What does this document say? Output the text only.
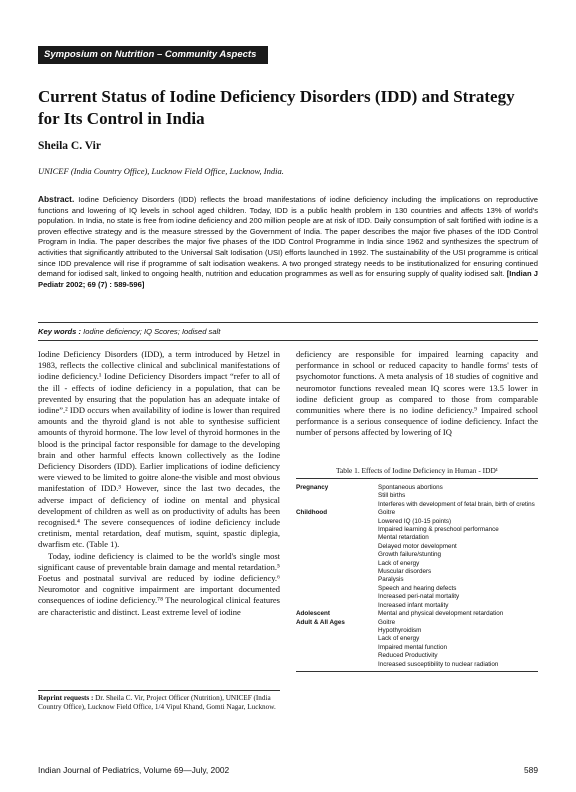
Symposium on Nutrition – Community Aspects
Current Status of Iodine Deficiency Disorders (IDD) and Strategy for Its Control in India
Sheila C. Vir
UNICEF (India Country Office), Lucknow Field Office, Lucknow, India.
Abstract. Iodine Deficiency Disorders (IDD) reflects the broad manifestations of iodine deficiency including the implications on reproductive functions and lowering of IQ levels in school aged children. Today, IDD is a public health problem in 130 countries and affects 13% of world's population. In India, no state is free from iodine deficiency and 200 million people are at risk of IDD. Daily consumption of salt fortified with iodine is a proven effective strategy and is the measure stressed by the Government of India. The paper describes the major five phases of the IDD Control Program in India. The paper describes the major five phases of the IDD Control Programme in India since 1962 and synthesizes the spectrum of activities that significantly attributed to the Universal Salt Iodisation (USI) efforts launched in 1992. The sustainability of the USI programme is critical since IDD prevalence will rise if programme of salt iodisation weakens. A two pronged strategy needs to be institutionalized for ensuring continued demand for iodised salt, linked to ongoing health, nutrition and education programmes as well as for ensuring supply of quality iodised salt. [Indian J Pediatr 2002; 69 (7) : 589-596]
Key words : Iodine deficiency; IQ Scores; Iodised salt

Iodine Deficiency Disorders (IDD), a term introduced by Hetzel in 1983, reflects the collective clinical and subclinical manifestations of iodine deficiency.¹ Iodine Deficiency Disorders impact “refer to all of the ill - effects of iodine deficiency in a population, that can be prevented by ensuring that the population has an adequate intake of iodine”.² IDD occurs when availability of iodine is lower than required amounts and the thyroid gland is not able to synthesise sufficient amounts of thyroid hormone. The low level of thyroid hormones in the blood is the principal factor responsible for damage to the developing brain and other harmful effects known collectively as the Iodine Deficiency Disorders (IDD). Earlier implications of iodine deficiency were viewed to be limited to goitre alone-the visible and most obvious manifestation of IDD.³ However, since the last two decades, the adverse impact of deficiency of iodine on mental and physical development of children as well as on productivity of adults has been recognised.⁴ The severe consequences of iodine deficiency include cretinism, mental retardation, deaf mutism, squint, spastic diplegia, dwarfism etc. (Table 1).

Today, iodine deficiency is claimed to be the world's single most significant cause of preventable brain damage and mental retardation.⁵ Foetus and postnatal survival are reduced by iodine deficiency.⁶ Neuromotor and cognitive impairment are important documented consequences of iodine deficiency.⁷⁸ The neurological clinical features are characteristic and distinct. Least extreme level of iodine

Reprint requests : Dr. Sheila C. Vir, Project Officer (Nutrition), UNICEF (India Country Office), Lucknow Field Office, 1/4 Vipul Khand, Gomti Nagar, Lucknow.

deficiency are responsible for impaired learning capacity and performance in school or reduced capacity to handle forms' tests of psychomotor functions. A meta analysis of 18 studies of cognitive and neuromotor functions revealed mean IQ scores were 13.5 lower in iodine deficient group as compared to those from comparable communities where there is no iodine deficiency.⁹ Impaired school performance is a serious consequence of iodine deficiency. Infact the number of persons affected by lowering of IQ

Table 1. Effects of Iodine Deficiency in Human - IDD¹
Pregnancy	Spontaneous abortions
Still births
Interferes with development of fetal brain, birth of cretins
Childhood	Goitre
Lowered IQ (10-15 points)
Impaired learning & preschool performance
Mental retardation
Delayed motor development
Growth failure/stunting
Lack of energy
Muscular disorders
Paralysis
Speech and hearing defects
Increased peri-natal mortality
Increased infant mortality
Adolescent	Mental and physical development retardation
Adult & All Ages	Goitre
Hypothyroidism
Lack of energy
Impaired mental function
Reduced Productivity
Increased susceptibility to nuclear radiation
Indian Journal of Pediatrics, Volume 69—July, 2002	589
